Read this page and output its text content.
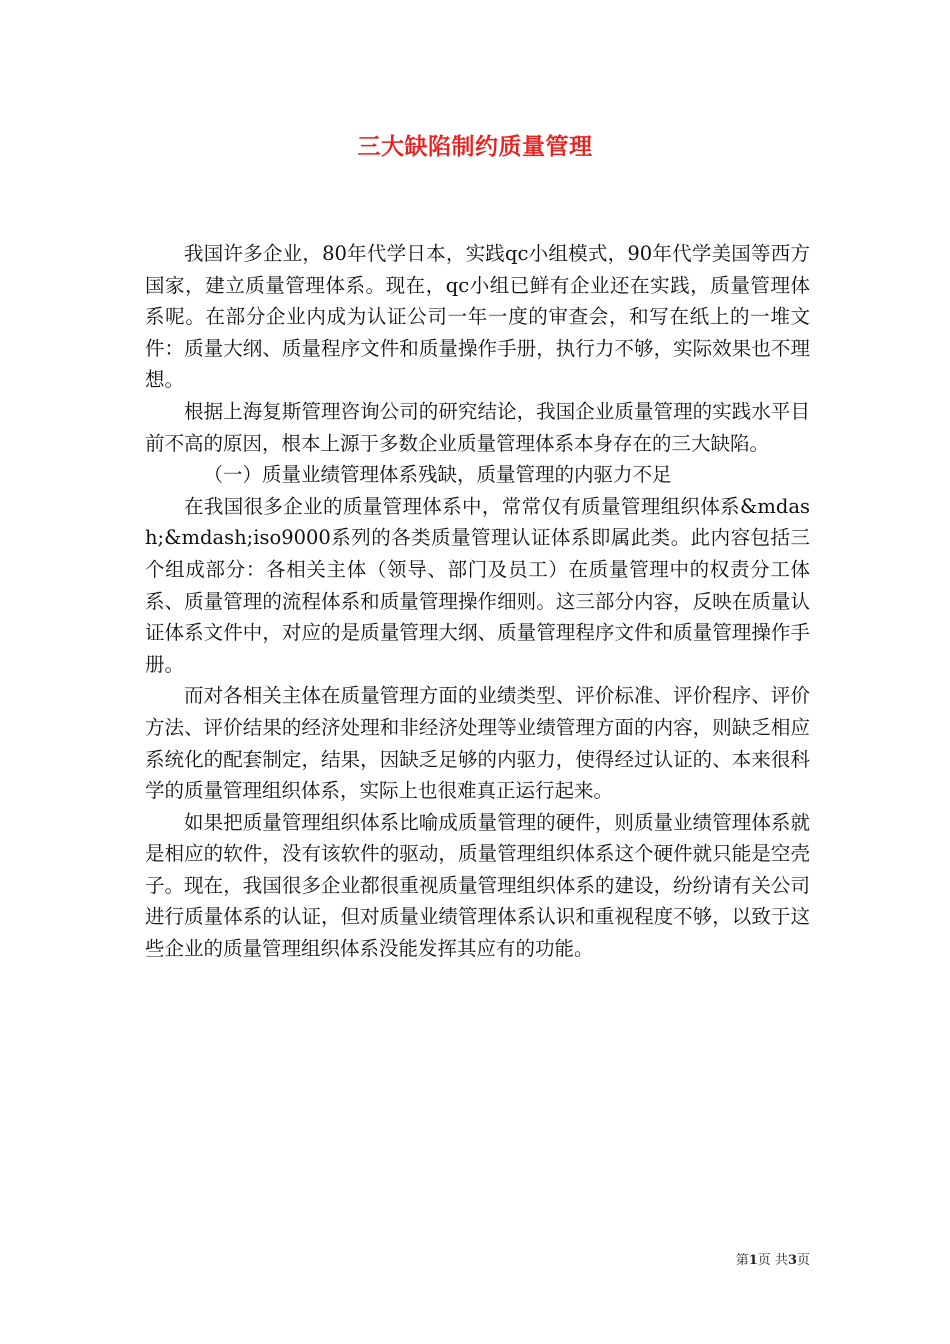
三大缺陷制约质量管理

我国许多企业，80年代学日本，实践qc小组模式，90年代学美国等西方国家，建立质量管理体系。现在，qc小组已鲜有企业还在实践，质量管理体系呢。在部分企业内成为认证公司一年一度的审查会，和写在纸上的一堆文件：质量大纲、质量程序文件和质量操作手册，执行力不够，实际效果也不理想。

根据上海复斯管理咨询公司的研究结论，我国企业质量管理的实践水平目前不高的原因，根本上源于多数企业质量管理体系本身存在的三大缺陷。

（一）质量业绩管理体系残缺，质量管理的内驱力不足

在我国很多企业的质量管理体系中，常常仅有质量管理组织体系&mdash;&mdash;iso9000系列的各类质量管理认证体系即属此类。此内容包括三个组成部分：各相关主体（领导、部门及员工）在质量管理中的权责分工体系、质量管理的流程体系和质量管理操作细则。这三部分内容，反映在质量认证体系文件中，对应的是质量管理大纲、质量管理程序文件和质量管理操作手册。

而对各相关主体在质量管理方面的业绩类型、评价标准、评价程序、评价方法、评价结果的经济处理和非经济处理等业绩管理方面的内容，则缺乏相应系统化的配套制定，结果，因缺乏足够的内驱力，使得经过认证的、本来很科学的质量管理组织体系，实际上也很难真正运行起来。

如果把质量管理组织体系比喻成质量管理的硬件，则质量业绩管理体系就是相应的软件，没有该软件的驱动，质量管理组织体系这个硬件就只能是空壳子。现在，我国很多企业都很重视质量管理组织体系的建设，纷纷请有关公司进行质量体系的认证，但对质量业绩管理体系认识和重视程度不够，以致于这些企业的质量管理组织体系没能发挥其应有的功能。

第1页 共3页
